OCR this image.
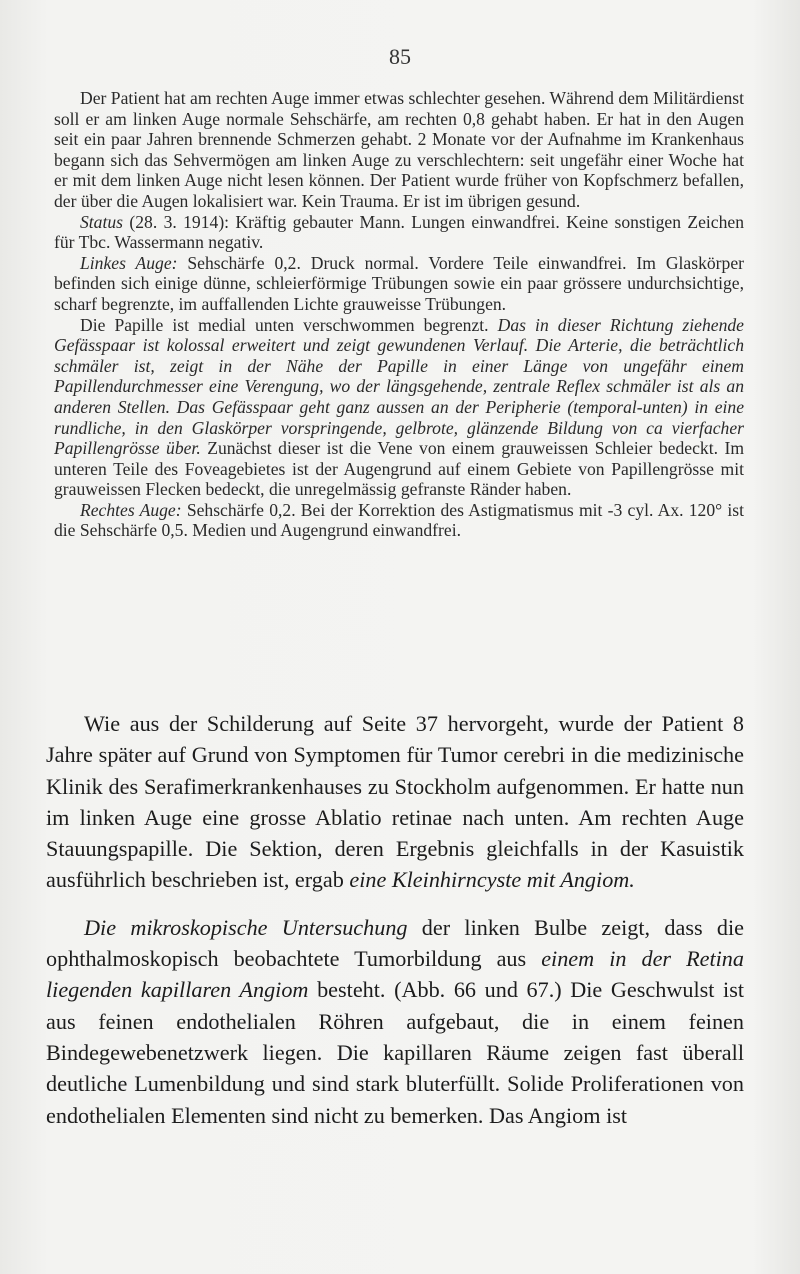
85

Der Patient hat am rechten Auge immer etwas schlechter gesehen. Während dem Militärdienst soll er am linken Auge normale Sehschärfe, am rechten 0,8 gehabt haben. Er hat in den Augen seit ein paar Jahren brennende Schmerzen gehabt. 2 Monate vor der Aufnahme im Krankenhaus begann sich das Sehvermögen am linken Auge zu verschlechtern: seit ungefähr einer Woche hat er mit dem linken Auge nicht lesen können. Der Patient wurde früher von Kopfschmerz befallen, der über die Augen lokalisiert war. Kein Trauma. Er ist im übrigen gesund.

Status (28. 3. 1914): Kräftig gebauter Mann. Lungen einwandfrei. Keine sonstigen Zeichen für Tbc. Wassermann negativ.

Linkes Auge: Sehschärfe 0,2. Druck normal. Vordere Teile einwandfrei. Im Glaskörper befinden sich einige dünne, schleierförmige Trübungen sowie ein paar grössere undurchsichtige, scharf begrenzte, im auffallenden Lichte grauweisse Trübungen.

Die Papille ist medial unten verschwommen begrenzt. Das in dieser Richtung ziehende Gefässpaar ist kolossal erweitert und zeigt gewundenen Verlauf. Die Arterie, die beträchtlich schmäler ist, zeigt in der Nähe der Papille in einer Länge von ungefähr einem Papillendurchmesser eine Verengung, wo der längsgehende, zentrale Reflex schmäler ist als an anderen Stellen. Das Gefässpaar geht ganz aussen an der Peripherie (temporal-unten) in eine rundliche, in den Glaskörper vorspringende, gelbrote, glänzende Bildung von ca vierfacher Papillengrösse über. Zunächst dieser ist die Vene von einem grauweissen Schleier bedeckt. Im unteren Teile des Foveagebietes ist der Augengrund auf einem Gebiete von Papillengrösse mit grauweissen Flecken bedeckt, die unregelmässig gefranste Ränder haben.

Rechtes Auge: Sehschärfe 0,2. Bei der Korrektion des Astigmatismus mit -3 cyl. Ax. 120° ist die Sehschärfe 0,5. Medien und Augengrund einwandfrei.

Wie aus der Schilderung auf Seite 37 hervorgeht, wurde der Patient 8 Jahre später auf Grund von Symptomen für Tumor cerebri in die medizinische Klinik des Serafimerkrankenhauses zu Stockholm aufgenommen. Er hatte nun im linken Auge eine grosse Ablatio retinae nach unten. Am rechten Auge Stauungspapille. Die Sektion, deren Ergebnis gleichfalls in der Kasuistik ausführlich beschrieben ist, ergab eine Kleinhirncyste mit Angiom.

Die mikroskopische Untersuchung der linken Bulbe zeigt, dass die ophthalmoskopisch beobachtete Tumorbildung aus einem in der Retina liegenden kapillaren Angiom besteht. (Abb. 66 und 67.) Die Geschwulst ist aus feinen endothelialen Röhren aufgebaut, die in einem feinen Bindegewebenetzwerk liegen. Die kapillaren Räume zeigen fast überall deutliche Lumenbildung und sind stark bluterfüllt. Solide Proliferationen von endothelialen Elementen sind nicht zu bemerken. Das Angiom ist
